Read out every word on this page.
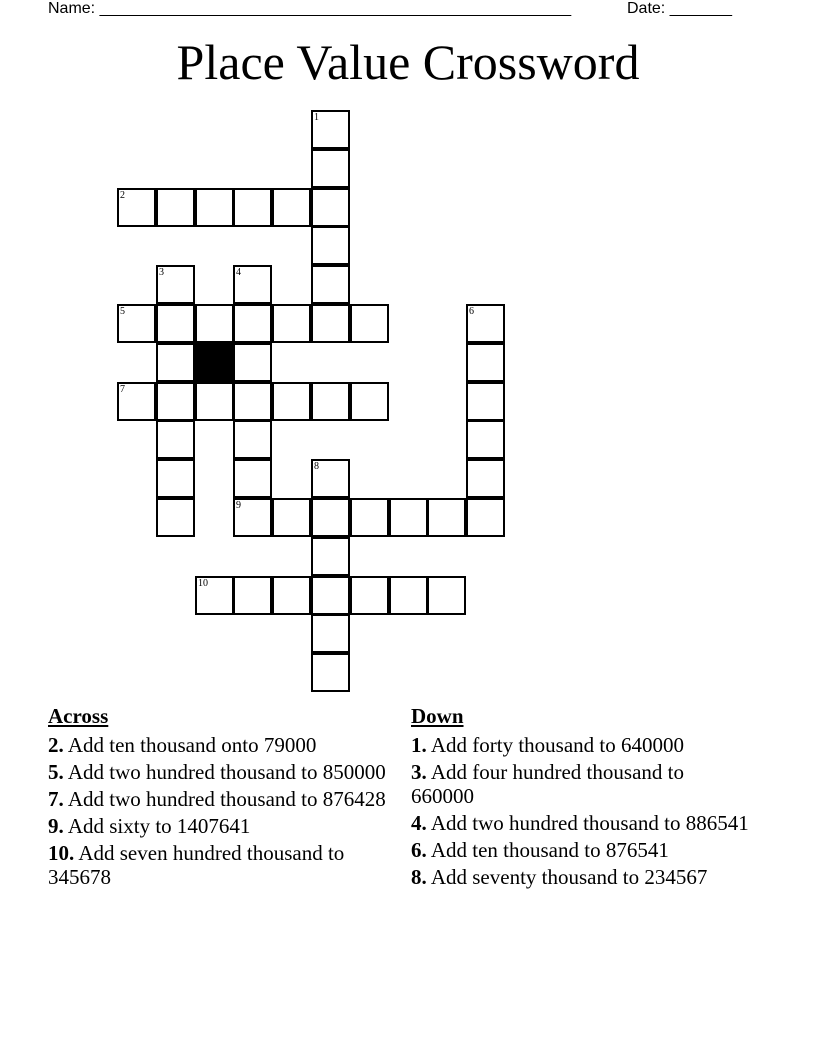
Name: _____________________________________________________	Date: _______
Place Value Crossword
1
2
3	4
5	6
7
8
9
10
Across
2. Add ten thousand onto 79000
5. Add two hundred thousand to 850000
7. Add two hundred thousand to 876428
9. Add sixty to 1407641
10. Add seven hundred thousand to 345678
Down
1. Add forty thousand to 640000
3. Add four hundred thousand to 660000
4. Add two hundred thousand to 886541
6. Add ten thousand to 876541
8. Add seventy thousand to 234567
